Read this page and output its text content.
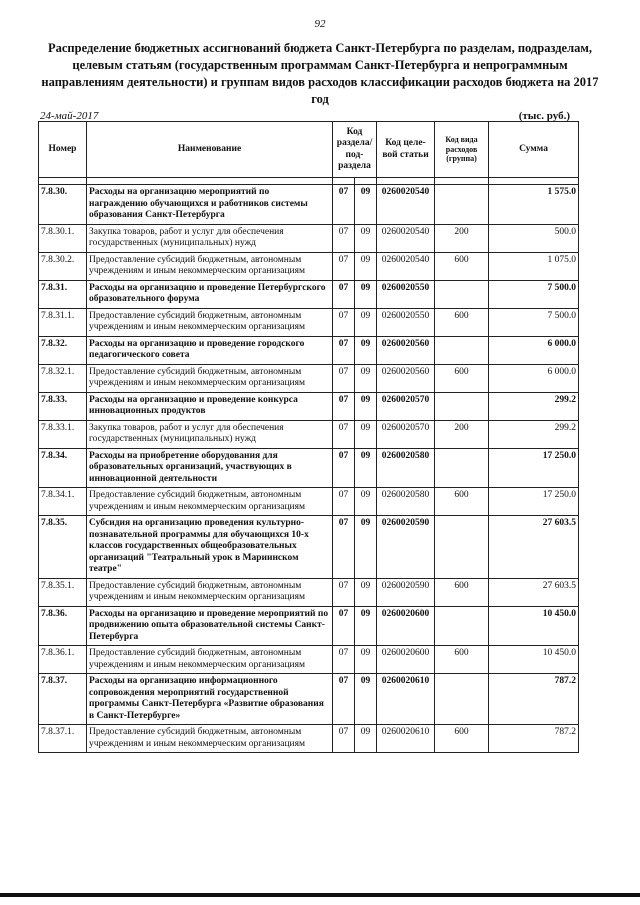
92
Распределение бюджетных ассигнований бюджета Санкт-Петербурга по разделам, подразделам, целевым статьям (государственным программам Санкт-Петербурга и непрограммным направлениям деятельности) и группам видов расходов классификации расходов бюджета на 2017 год
24-май-2017	(тыс. руб.)
Номер	Наименование	Код раздела/ под- раздела		Код целе- вой статьи	Код вида расходов (группа)	Сумма

7.8.30.	Расходы на организацию мероприятий по награждению обучающихся и работников системы образования Санкт-Петербурга	07	09	0260020540		1 575.0
7.8.30.1.	Закупка товаров, работ и услуг для обеспечения государственных (муниципальных) нужд	07	09	0260020540	200	500.0
7.8.30.2.	Предоставление субсидий бюджетным, автономным учреждениям и иным некоммерческим организациям	07	09	0260020540	600	1 075.0
7.8.31.	Расходы на организацию и проведение Петербургского образовательного форума	07	09	0260020550		7 500.0
7.8.31.1.	Предоставление субсидий бюджетным, автономным учреждениям и иным некоммерческим организациям	07	09	0260020550	600	7 500.0
7.8.32.	Расходы на организацию и проведение городского педагогического совета	07	09	0260020560		6 000.0
7.8.32.1.	Предоставление субсидий бюджетным, автономным учреждениям и иным некоммерческим организациям	07	09	0260020560	600	6 000.0
7.8.33.	Расходы на организацию и проведение конкурса инновационных продуктов	07	09	0260020570		299.2
7.8.33.1.	Закупка товаров, работ и услуг для обеспечения государственных (муниципальных) нужд	07	09	0260020570	200	299.2
7.8.34.	Расходы на приобретение оборудования для образовательных организаций, участвующих в инновационной деятельности	07	09	0260020580		17 250.0
7.8.34.1.	Предоставление субсидий бюджетным, автономным учреждениям и иным некоммерческим организациям	07	09	0260020580	600	17 250.0
7.8.35.	Субсидия на организацию проведения культурно-познавательной программы для обучающихся 10-х классов государственных общеобразовательных организаций "Театральный урок в Мариинском театре"	07	09	0260020590		27 603.5
7.8.35.1.	Предоставление субсидий бюджетным, автономным учреждениям и иным некоммерческим организациям	07	09	0260020590	600	27 603.5
7.8.36.	Расходы на организацию и проведение мероприятий по продвижению опыта образовательной системы Санкт-Петербурга	07	09	0260020600		10 450.0
7.8.36.1.	Предоставление субсидий бюджетным, автономным учреждениям и иным некоммерческим организациям	07	09	0260020600	600	10 450.0
7.8.37.	Расходы на организацию информационного сопровождения мероприятий государственной программы Санкт-Петербурга «Развитие образования в Санкт-Петербурге»	07	09	0260020610		787.2
7.8.37.1.	Предоставление субсидий бюджетным, автономным учреждениям и иным некоммерческим организациям	07	09	0260020610	600	787.2
